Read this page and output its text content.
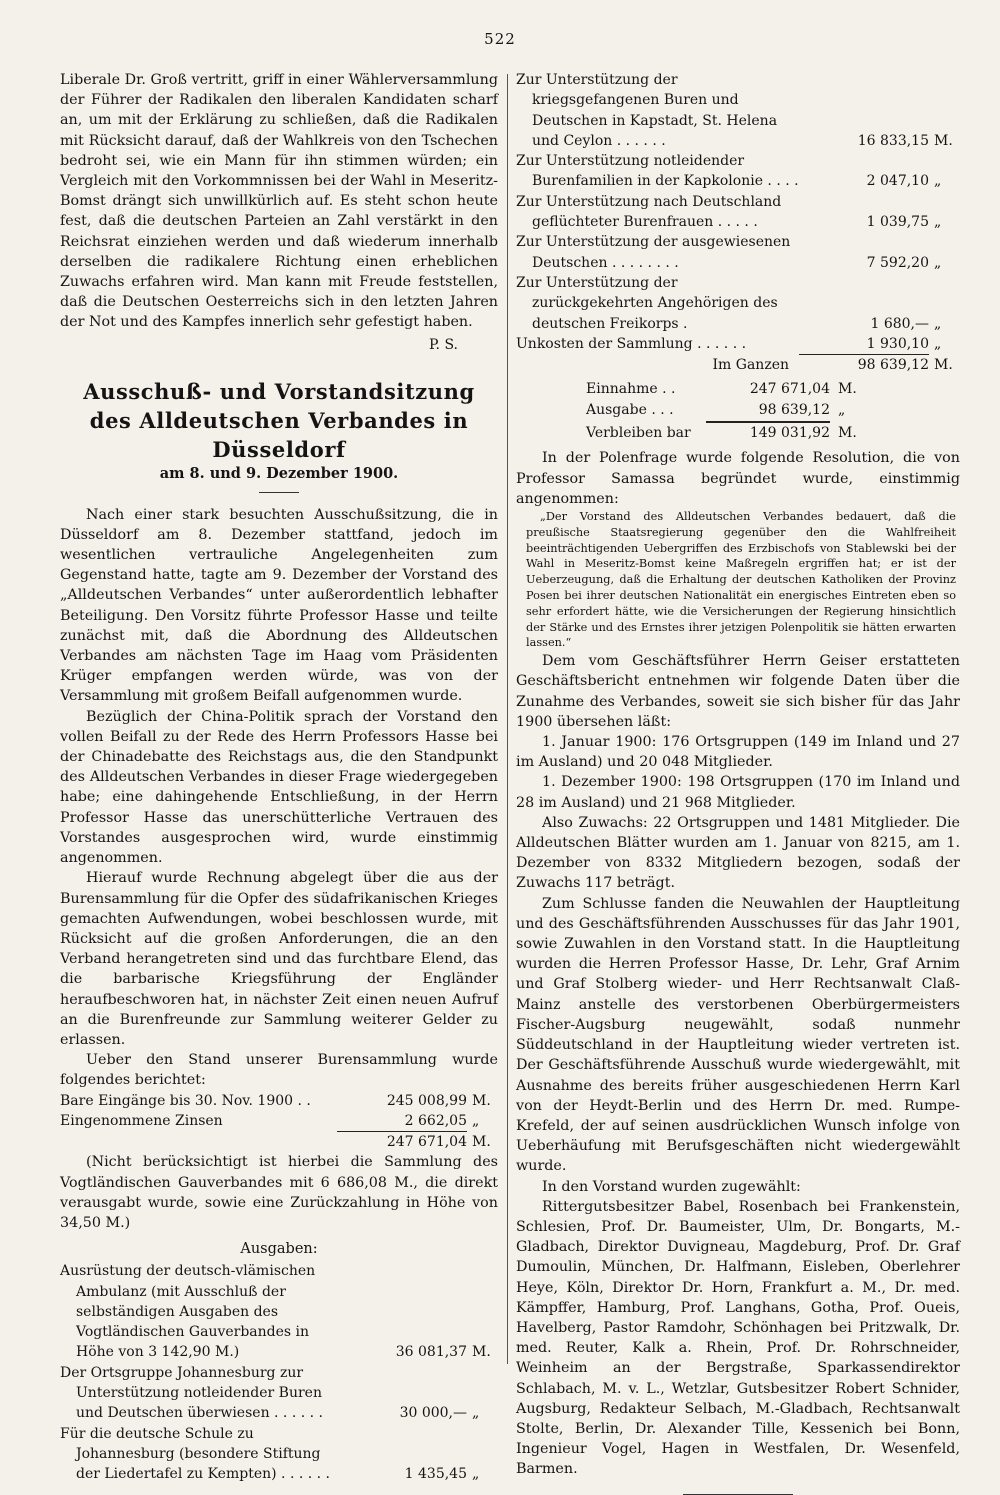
522

Liberale Dr. Groß vertritt, griff in einer Wählerversammlung der Führer der Radikalen den liberalen Kandidaten scharf an, um mit der Erklärung zu schließen, daß die Radikalen mit Rücksicht darauf, daß der Wahlkreis von den Tschechen bedroht sei, wie ein Mann für ihn stimmen würden; ein Vergleich mit den Vorkommnissen bei der Wahl in Meseritz-Bomst drängt sich unwillkürlich auf. Es steht schon heute fest, daß die deutschen Parteien an Zahl verstärkt in den Reichsrat einziehen werden und daß wiederum innerhalb derselben die radikalere Richtung einen erheblichen Zuwachs erfahren wird. Man kann mit Freude feststellen, daß die Deutschen Oesterreichs sich in den letzten Jahren der Not und des Kampfes innerlich sehr gefestigt haben.

P. S.
Ausschuß- und Vorstandsitzung des Alldeutschen Verbandes in Düsseldorf
am 8. und 9. Dezember 1900.

Nach einer stark besuchten Ausschußsitzung, die in Düsseldorf am 8. Dezember stattfand, jedoch im wesentlichen vertrauliche Angelegenheiten zum Gegenstand hatte, tagte am 9. Dezember der Vorstand des „Alldeutschen Verbandes“ unter außerordentlich lebhafter Beteiligung. Den Vorsitz führte Professor Hasse und teilte zunächst mit, daß die Abordnung des Alldeutschen Verbandes am nächsten Tage im Haag vom Präsidenten Krüger empfangen werden würde, was von der Versammlung mit großem Beifall aufgenommen wurde.

Bezüglich der China-Politik sprach der Vorstand den vollen Beifall zu der Rede des Herrn Professors Hasse bei der Chinadebatte des Reichstags aus, die den Standpunkt des Alldeutschen Verbandes in dieser Frage wiedergegeben habe; eine dahingehende Entschließung, in der Herrn Professor Hasse das unerschütterliche Vertrauen des Vorstandes ausgesprochen wird, wurde einstimmig angenommen.

Hierauf wurde Rechnung abgelegt über die aus der Burensammlung für die Opfer des südafrikanischen Krieges gemachten Aufwendungen, wobei beschlossen wurde, mit Rücksicht auf die großen Anforderungen, die an den Verband herangetreten sind und das furchtbare Elend, das die barbarische Kriegsführung der Engländer heraufbeschworen hat, in nächster Zeit einen neuen Aufruf an die Burenfreunde zur Sammlung weiterer Gelder zu erlassen.

Ueber den Stand unserer Burensammlung wurde folgendes berichtet:

Bare Eingänge bis 30. Nov. 1900 . .	245 008,99 M.
Eingenommene Zinsen	2 662,05 „
247 671,04 M.

(Nicht berücksichtigt ist hierbei die Sammlung des Vogtländischen Gauverbandes mit 6 686,08 M., die direkt verausgabt wurde, sowie eine Zurückzahlung in Höhe von 34,50 M.)

Ausgaben:
Ausrüstung der deutsch-vlämischen Ambulanz (mit Ausschluß der selbständigen Ausgaben des Vogtländischen Gauverbandes in Höhe von 3 142,90 M.)	36 081,37 M.
Der Ortsgruppe Johannesburg zur Unterstützung notleidender Buren und Deutschen überwiesen . . . . . .	30 000,— „
Für die deutsche Schule zu Johannesburg (besondere Stiftung der Liedertafel zu Kempten) . . . . . .	1 435,45 „
Zur Unterstützung der kriegsgefangenen Buren und Deutschen in Kapstadt, St. Helena und Ceylon . . . . . .	16 833,15 M.
Zur Unterstützung notleidender Burenfamilien in der Kapkolonie . . . .	2 047,10 „
Zur Unterstützung nach Deutschland geflüchteter Burenfrauen . . . . .	1 039,75 „
Zur Unterstützung der ausgewiesenen Deutschen . . . . . . . .	7 592,20 „
Zur Unterstützung der zurückgekehrten Angehörigen des deutschen Freikorps .	1 680,— „
Unkosten der Sammlung . . . . . .	1 930,10 „
Im Ganzen	98 639,12 M.
Einnahme . .	247 671,04 M.
Ausgabe . . .	98 639,12 „
Verbleiben bar	149 031,92 M.

In der Polenfrage wurde folgende Resolution, die von Professor Samassa begründet wurde, einstimmig angenommen:

„Der Vorstand des Alldeutschen Verbandes bedauert, daß die preußische Staatsregierung gegenüber den die Wahlfreiheit beeinträchtigenden Uebergriffen des Erzbischofs von Stablewski bei der Wahl in Meseritz-Bomst keine Maßregeln ergriffen hat; er ist der Ueberzeugung, daß die Erhaltung der deutschen Katholiken der Provinz Posen bei ihrer deutschen Nationalität ein energisches Eintreten eben so sehr erfordert hätte, wie die Versicherungen der Regierung hinsichtlich der Stärke und des Ernstes ihrer jetzigen Polenpolitik sie hätten erwarten lassen.“

Dem vom Geschäftsführer Herrn Geiser erstatteten Geschäftsbericht entnehmen wir folgende Daten über die Zunahme des Verbandes, soweit sie sich bisher für das Jahr 1900 übersehen läßt:

1. Januar 1900: 176 Ortsgruppen (149 im Inland und 27 im Ausland) und 20 048 Mitglieder.

1. Dezember 1900: 198 Ortsgruppen (170 im Inland und 28 im Ausland) und 21 968 Mitglieder.

Also Zuwachs: 22 Ortsgruppen und 1481 Mitglieder. Die Alldeutschen Blätter wurden am 1. Januar von 8215, am 1. Dezember von 8332 Mitgliedern bezogen, sodaß der Zuwachs 117 beträgt.

Zum Schlusse fanden die Neuwahlen der Hauptleitung und des Geschäftsführenden Ausschusses für das Jahr 1901, sowie Zuwahlen in den Vorstand statt. In die Hauptleitung wurden die Herren Professor Hasse, Dr. Lehr, Graf Arnim und Graf Stolberg wieder- und Herr Rechtsanwalt Claß-Mainz anstelle des verstorbenen Oberbürgermeisters Fischer-Augsburg neugewählt, sodaß nunmehr Süddeutschland in der Hauptleitung wieder vertreten ist. Der Geschäftsführende Ausschuß wurde wiedergewählt, mit Ausnahme des bereits früher ausgeschiedenen Herrn Karl von der Heydt-Berlin und des Herrn Dr. med. Rumpe-Krefeld, der auf seinen ausdrücklichen Wunsch infolge von Ueberhäufung mit Berufsgeschäften nicht wiedergewählt wurde.

In den Vorstand wurden zugewählt:

Rittergutsbesitzer Babel, Rosenbach bei Frankenstein, Schlesien, Prof. Dr. Baumeister, Ulm, Dr. Bongarts, M.-Gladbach, Direktor Duvigneau, Magdeburg, Prof. Dr. Graf Dumoulin, München, Dr. Halfmann, Eisleben, Oberlehrer Heye, Köln, Direktor Dr. Horn, Frankfurt a. M., Dr. med. Kämpffer, Hamburg, Prof. Langhans, Gotha, Prof. Oueis, Havelberg, Pastor Ramdohr, Schönhagen bei Pritzwalk, Dr. med. Reuter, Kalk a. Rhein, Prof. Dr. Rohrschneider, Weinheim an der Bergstraße, Sparkassendirektor Schlabach, M. v. L., Wetzlar, Gutsbesitzer Robert Schnider, Augsburg, Redakteur Selbach, M.-Gladbach, Rechtsanwalt Stolte, Berlin, Dr. Alexander Tille, Kessenich bei Bonn, Ingenieur Vogel, Hagen in Westfalen, Dr. Wesenfeld, Barmen.
